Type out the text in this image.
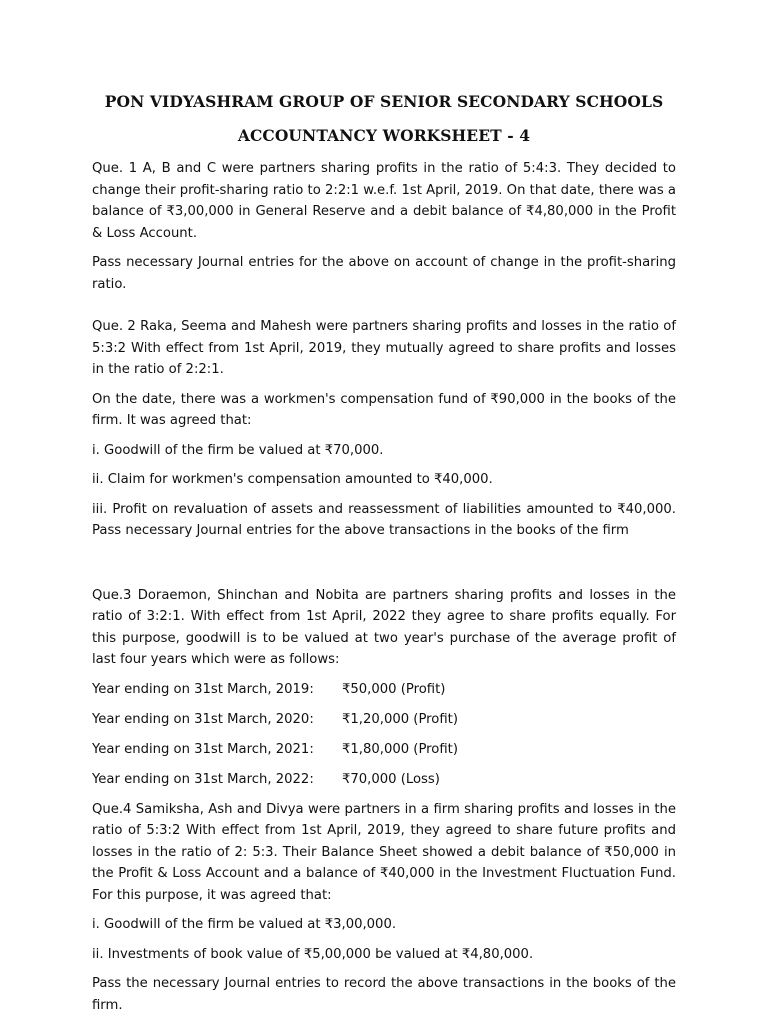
PON VIDYASHRAM GROUP OF SENIOR SECONDARY SCHOOLS
ACCOUNTANCY WORKSHEET - 4

Que. 1 A, B and C were partners sharing profits in the ratio of 5:4:3. They decided to change their profit-sharing ratio to 2:2:1 w.e.f. 1st April, 2019. On that date, there was a balance of ₹3,00,000 in General Reserve and a debit balance of ₹4,80,000 in the Profit & Loss Account.

Pass necessary Journal entries for the above on account of change in the profit-sharing ratio.

Que. 2 Raka, Seema and Mahesh were partners sharing profits and losses in the ratio of 5:3:2 With effect from 1st April, 2019, they mutually agreed to share profits and losses in the ratio of 2:2:1.

On the date, there was a workmen's compensation fund of ₹90,000 in the books of the firm. It was agreed that:

i. Goodwill of the firm be valued at ₹70,000.

ii. Claim for workmen's compensation amounted to ₹40,000.

iii. Profit on revaluation of assets and reassessment of liabilities amounted to ₹40,000. Pass necessary Journal entries for the above transactions in the books of the firm

Que.3 Doraemon, Shinchan and Nobita are partners sharing profits and losses in the ratio of 3:2:1. With effect from 1st April, 2022 they agree to share profits equally. For this purpose, goodwill is to be valued at two year's purchase of the average profit of last four years which were as follows:

Year ending on 31st March, 2019:	₹50,000 (Profit)
Year ending on 31st March, 2020:	₹1,20,000 (Profit)
Year ending on 31st March, 2021:	₹1,80,000 (Profit)
Year ending on 31st March, 2022:	₹70,000 (Loss)

Que.4 Samiksha, Ash and Divya were partners in a firm sharing profits and losses in the ratio of 5:3:2 With effect from 1st April, 2019, they agreed to share future profits and losses in the ratio of 2: 5:3. Their Balance Sheet showed a debit balance of ₹50,000 in the Profit & Loss Account and a balance of ₹40,000 in the Investment Fluctuation Fund. For this purpose, it was agreed that:

i. Goodwill of the firm be valued at ₹3,00,000.

ii. Investments of book value of ₹5,00,000 be valued at ₹4,80,000.

Pass the necessary Journal entries to record the above transactions in the books of the firm.
